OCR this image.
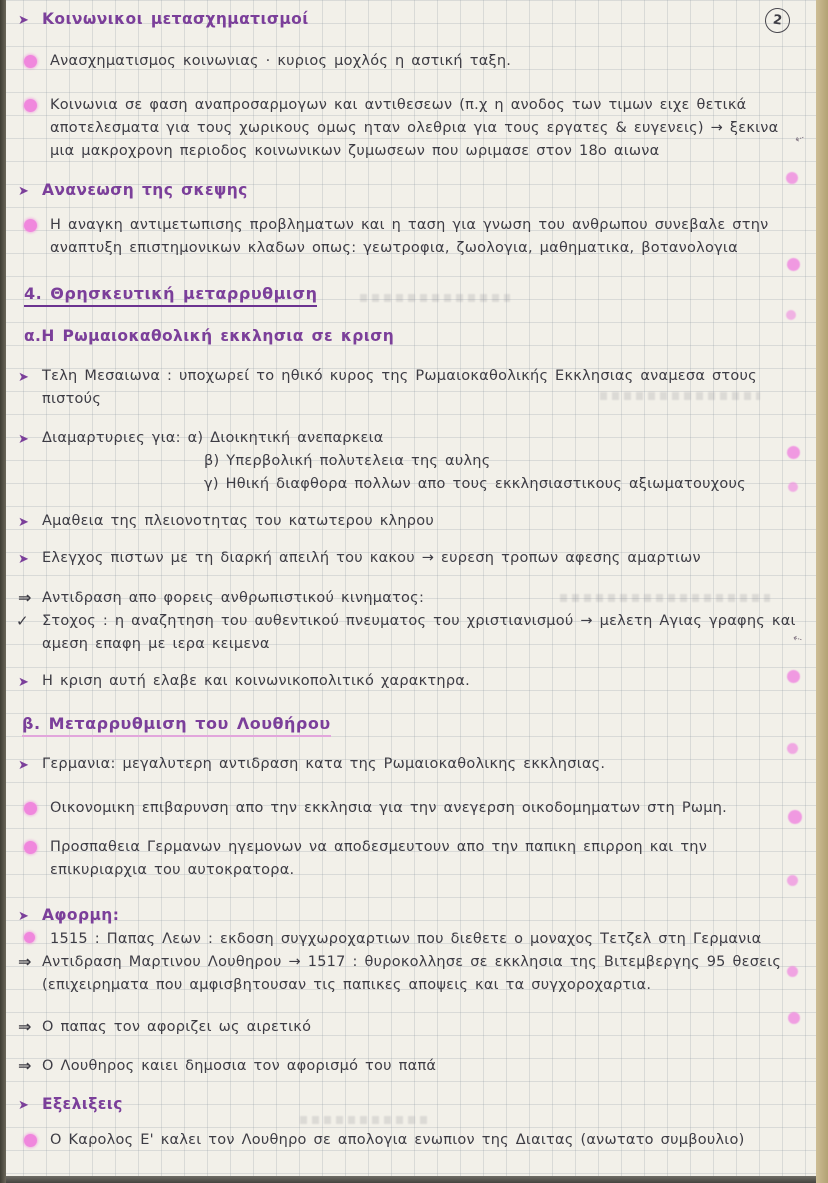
2
⇠
⇠
➤ Κοινωνικοι μετασχηματισμοί
Ανασχηματισμος κοινωνιας · κυριος μοχλός η αστική ταξη.
Κοινωνια σε φαση αναπροσαρμογων και αντιθεσεων (π.χ η ανοδος των τιμων ειχε θετικά αποτελεσματα για τους χωρικους ομως ηταν ολεθρια για τους εργατες & ευγενεις) → ξεκινα μια μακροχρονη περιοδος κοινωνικων ζυμωσεων που ωριμασε στον 18ο αιωνα
➤ Ανανεωση της σκεψης
Η αναγκη αντιμετωπισης προβληματων και η ταση για γνωση του ανθρωπου συνεβαλε στην αναπτυξη επιστημονικων κλαδων οπως: γεωτροφια, ζωολογια, μαθηματικα, βοτανολογια
4. Θρησκευτική μεταρρυθμιση
α.Η Ρωμαιοκαθολική εκκλησια σε κριση
➤ Τελη Μεσαιωνα : υποχωρεί το ηθικό κυρος της Ρωμαιοκαθολικής Εκκλησιας αναμεσα στους πιστούς
➤ Διαμαρτυριες για: α) Διοικητική ανεπαρκεια
β) Υπερβολική πολυτελεια της αυλης
γ) Ηθική διαφθορα πολλων απο τους εκκλησιαστικους αξιωματουχους
➤ Αμαθεια της πλειονοτητας του κατωτερου κληρου
➤ Ελεγχος πιστων με τη διαρκή απειλή του κακου → ευρεση τροπων αφεσης αμαρτιων
⇒ Αντιδραση απο φορεις ανθρωπιστικού κινηματος:
✓ Στοχος : η αναζητηση του αυθεντικού πνευματος του χριστιανισμού → μελετη Αγιας γραφης και αμεση επαφη με ιερα κειμενα
➤ Η κριση αυτή ελαβε και κοινωνικοπολιτικό χαρακτηρα.
β. Μεταρρυθμιση του Λουθήρου
➤ Γερμανια: μεγαλυτερη αντιδραση κατα της Ρωμαιοκαθολικης εκκλησιας.
Οικονομικη επιβαρυνση απο την εκκλησια για την ανεγερση οικοδομηματων στη Ρωμη.
Προσπαθεια Γερμανων ηγεμονων να αποδεσμευτουν απο την παπικη επιρροη και την επικυριαρχια του αυτοκρατορα.
➤ Αφορμη:
1515 : Παπας Λεων : εκδοση συγχωροχαρτιων που διεθετε ο μοναχος Τετζελ στη Γερμανια
⇒ Αντιδραση Μαρτινου Λουθηρου → 1517 : θυροκολλησε σε εκκλησια της Βιτεμβεργης 95 θεσεις (επιχειρηματα που αμφισβητουσαν τις παπικες αποψεις και τα συγχοροχαρτια.
⇒ Ο παπας τον αφοριζει ως αιρετικό
⇒ Ο Λουθηρος καιει δημοσια τον αφορισμό του παπά
➤ Εξελιξεις
Ο Καρολος Ε' καλει τον Λουθηρο σε απολογια ενωπιον της Διαιτας (ανωτατο συμβουλιο)
